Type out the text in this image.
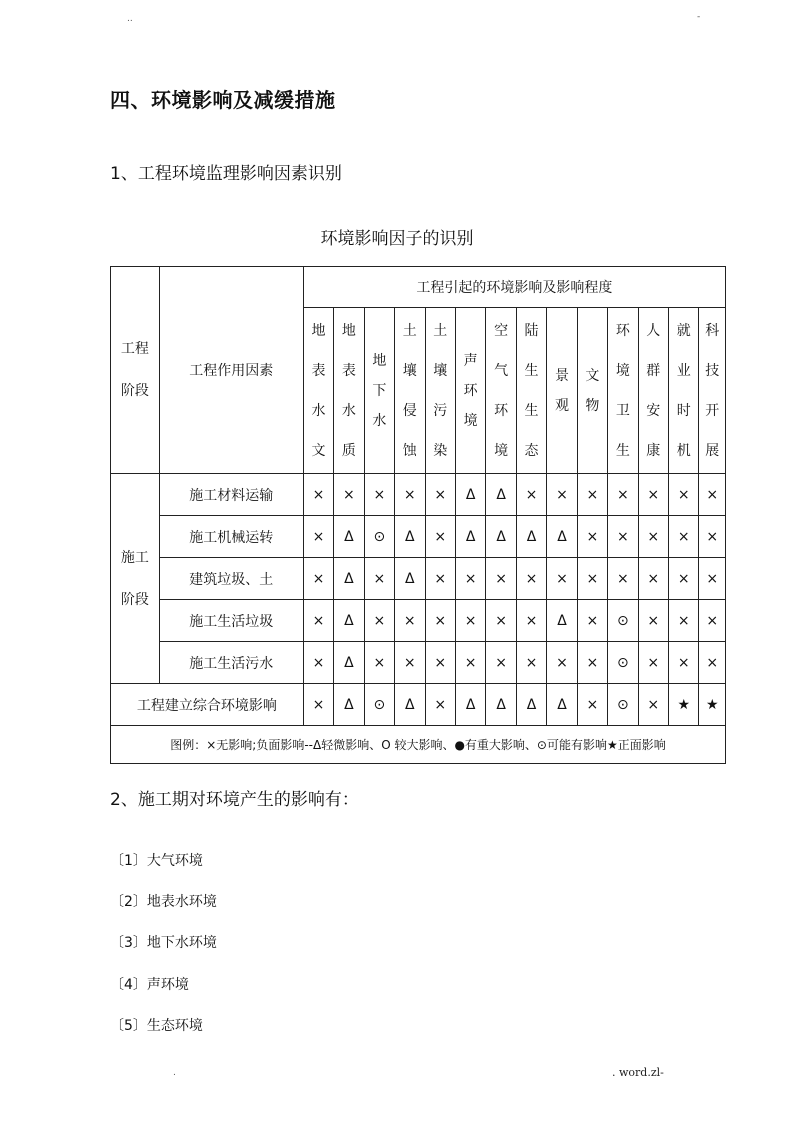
..	-
四、环境影响及减缓措施
1、工程环境监理影响因素识别
环境影响因子的识别
工程阶段	工程作用因素	工程引起的环境影响及影响程度													

		地表水文	地表水质	地下水	土壤侵蚀	土壤污染	声环境	空气环境	陆生生态	景观	文物	环境卫生	人群安康	就业时机	科技开展

施工阶段	施工材料运输	×	×	×	×	×	Δ	Δ	×	×	×	×	×	×	×
	施工机械运转	×	Δ	⊙	Δ	×	Δ	Δ	Δ	Δ	×	×	×	×	×
	建筑垃圾、土	×	Δ	×	Δ	×	×	×	×	×	×	×	×	×	×
	施工生活垃圾	×	Δ	×	×	×	×	×	×	Δ	×	⊙	×	×	×
	施工生活污水	×	Δ	×	×	×	×	×	×	×	×	⊙	×	×	×
工程建立综合环境影响		×	Δ	⊙	Δ	×	Δ	Δ	Δ	Δ	×	⊙	×	★	★
图例：×无影响;负面影响--Δ轻微影响、O 较大影响、●有重大影响、⊙可能有影响★正面影响															
2、施工期对环境产生的影响有：
〔1〕大气环境
〔2〕地表水环境
〔3〕地下水环境
〔4〕声环境
〔5〕生态环境
.	. word.zl-
